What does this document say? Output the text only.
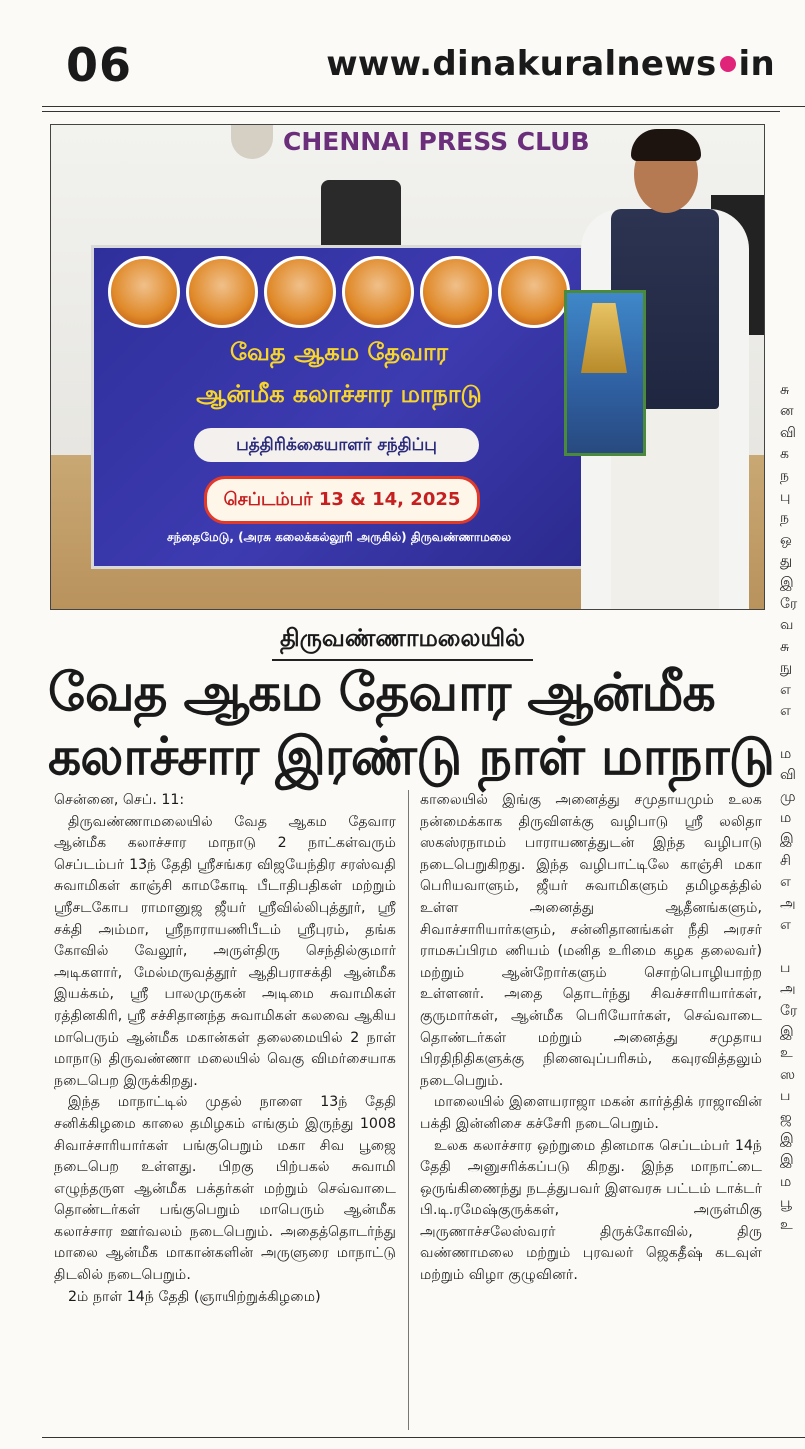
06	www.dinakuralnews in
CHENNAI PRESS CLUB
வேத ஆகம தேவார
ஆன்மீக கலாச்சார மாநாடு
பத்திரிக்கையாளர் சந்திப்பு
செப்டம்பர் 13 & 14, 2025
சந்தைமேடு, (அரசு கலைக்கல்லூரி அருகில்) திருவண்ணாமலை
திருவண்ணாமலையில்
வேத ஆகம தேவார ஆன்மீக
கலாச்சார இரண்டு நாள் மாநாடு

சென்னை, செப். 11:

திருவண்ணாமலையில் வேத ஆகம தேவார ஆன்மீக கலாச்சார மாநாடு 2 நாட்கள்வரும் செப்டம்பர் 13ந் தேதி ஸ்ரீசங்கர விஜயேந்திர சரஸ்வதி சுவாமிகள் காஞ்சி காமகோடி பீடாதிபதிகள் மற்றும் ஸ்ரீசடகோப ராமானுஜ ஜீயர் ஸ்ரீவில்லிபுத்தூர், ஸ்ரீ சக்தி அம்மா, ஸ்ரீநாராயணிபீடம் ஸ்ரீபுரம், தங்க கோவில் வேலூர், அருள்திரு செந்தில்குமார் அடிகளார், மேல்மருவத்தூர் ஆதிபராசக்தி ஆன்மீக இயக்கம், ஸ்ரீ பாலமுருகன் அடிமை சுவாமிகள் ரத்தினகிரி, ஸ்ரீ சச்சிதானந்த சுவாமிகள் கலவை ஆகிய மாபெரும் ஆன்மீக மகான்கள் தலைமையில் 2 நாள் மாநாடு திருவண்ணா மலையில் வெகு விமர்சையாக நடைபெற இருக்கிறது.

இந்த மாநாட்டில் முதல் நாளை 13ந் தேதி சனிக்கிழமை காலை தமிழகம் எங்கும் இருந்து 1008 சிவாச்சாரியார்கள் பங்குபெறும் மகா சிவ பூஜை நடைபெற உள்ளது. பிறகு பிற்பகல் சுவாமி எழுந்தருள ஆன்மீக பக்தர்கள் மற்றும் செவ்வாடை தொண்டர்கள் பங்குபெறும் மாபெரும் ஆன்மீக கலாச்சார ஊர்வலம் நடைபெறும். அதைத்தொடர்ந்து மாலை ஆன்மீக மாகான்களின் அருளுரை மாநாட்டு திடலில் நடைபெறும்.

2ம் நாள் 14ந் தேதி (ஞாயிற்றுக்கிழமை)

காலையில் இங்கு அனைத்து சமுதாயமும் உலக நன்மைக்காக திருவிளக்கு வழிபாடு ஸ்ரீ லலிதா ஸகஸ்ரநாமம் பாராயணத்துடன் இந்த வழிபாடு நடைபெறுகிறது. இந்த வழிபாட்டிலே காஞ்சி மகா பெரியவாளும், ஜீயர் சுவாமிகளும் தமிழகத்தில் உள்ள அனைத்து ஆதீனங்களும், சிவாச்சாரியார்களும், சன்னிதானங்கள் நீதி அரசர் ராமசுப்பிரம ணியம் (மனித உரிமை கழக தலைவர்) மற்றும் ஆன்றோர்களும் சொற்பொழியாற்ற உள்ளனர். அதை தொடர்ந்து சிவச்சாரியார்கள், குருமார்கள், ஆன்மீக பெரியோர்கள், செவ்வாடை தொண்டர்கள் மற்றும் அனைத்து சமுதாய பிரதிநிதிகளுக்கு நினைவுப்பரிசும், கவுரவித்தலும் நடைபெறும்.

மாலையில் இளையராஜா மகன் கார்த்திக் ராஜாவின் பக்தி இன்னிசை கச்சேரி நடைபெறும்.

உலக கலாச்சார ஒற்றுமை தினமாக செப்டம்பர் 14ந் தேதி அனுசரிக்கப்படு கிறது. இந்த மாநாட்டை ஒருங்கிணைந்து நடத்துபவர் இளவரசு பட்டம் டாக்டர் பி.டி.ரமேஷ்குருக்கள், அருள்மிகு அருணாச்சலேஸ்வரர் திருக்கோவில், திரு வண்ணாமலை மற்றும் புரவலர் ஜெகதீஷ் கடவுள் மற்றும் விழா குழுவினர்.

சு
ன
வி
க
ந
பு
ந
ஒ
து
இ
ரே
வ
சு
நு
எ
எ
ம
வி
மு
ம
இ
சி
எ
அ
எ
ப
அ
ரே
இ
உ
ஸ
ப
ஜ
இ
இ
ம
பூ
உ
